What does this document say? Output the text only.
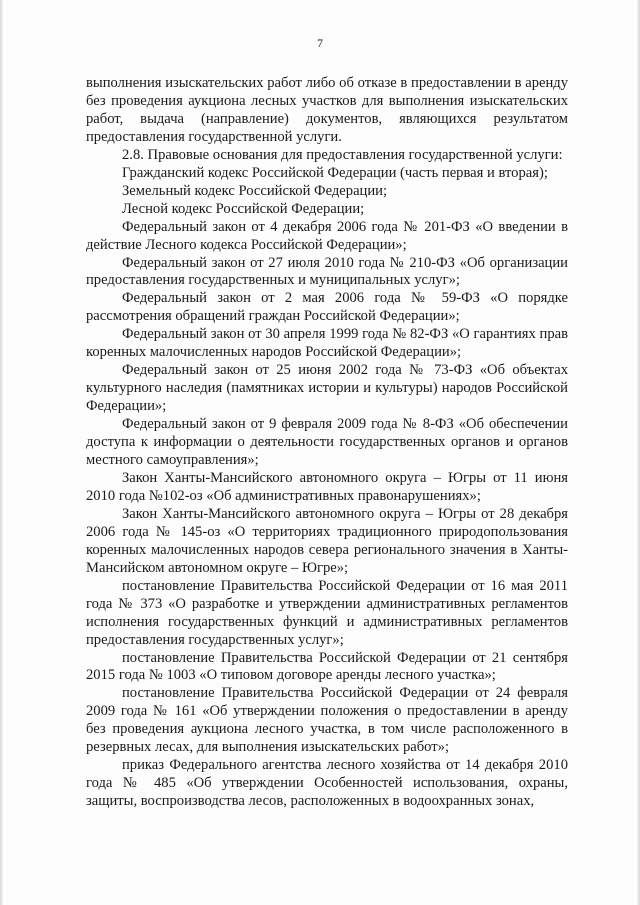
7

выполнения изыскательских работ либо об отказе в предоставлении в аренду без проведения аукциона лесных участков для выполнения изыскательских работ, выдача (направление) документов, являющихся результатом предоставления государственной услуги.

2.8. Правовые основания для предоставления государственной услуги:

Гражданский кодекс Российской Федерации (часть первая и вторая);

Земельный кодекс Российской Федерации;

Лесной кодекс Российской Федерации;

Федеральный закон от 4 декабря 2006 года № 201-ФЗ «О введении в действие Лесного кодекса Российской Федерации»;

Федеральный закон от 27 июля 2010 года № 210-ФЗ «Об организации предоставления государственных и муниципальных услуг»;

Федеральный закон от 2 мая 2006 года № 59-ФЗ «О порядке рассмотрения обращений граждан Российской Федерации»;

Федеральный закон от 30 апреля 1999 года № 82-ФЗ «О гарантиях прав коренных малочисленных народов Российской Федерации»;

Федеральный закон от 25 июня 2002 года № 73-ФЗ «Об объектах культурного наследия (памятниках истории и культуры) народов Российской Федерации»;

Федеральный закон от 9 февраля 2009 года № 8-ФЗ «Об обеспечении доступа к информации о деятельности государственных органов и органов местного самоуправления»;

Закон Ханты-Мансийского автономного округа – Югры от 11 июня 2010 года №102-оз «Об административных правонарушениях»;

Закон Ханты-Мансийского автономного округа – Югры от 28 декабря 2006 года № 145-оз «О территориях традиционного природопользования коренных малочисленных народов севера регионального значения в Ханты-Мансийском автономном округе – Югре»;

постановление Правительства Российской Федерации от 16 мая 2011 года № 373 «О разработке и утверждении административных регламентов исполнения государственных функций и административных регламентов предоставления государственных услуг»;

постановление Правительства Российской Федерации от 21 сентября 2015 года № 1003 «О типовом договоре аренды лесного участка»;

постановление Правительства Российской Федерации от 24 февраля 2009 года № 161 «Об утверждении положения о предоставлении в аренду без проведения аукциона лесного участка, в том числе расположенного в резервных лесах, для выполнения изыскательских работ»;

приказ Федерального агентства лесного хозяйства от 14 декабря 2010 года № 485 «Об утверждении Особенностей использования, охраны, защиты, воспроизводства лесов, расположенных в водоохранных зонах,
